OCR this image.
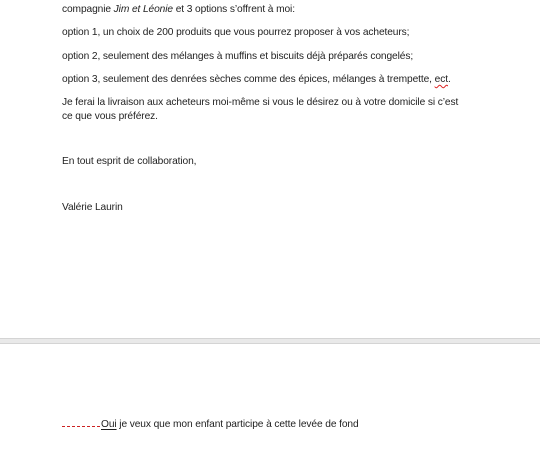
compagnie Jim et Léonie et 3 options s’offrent à moi:
option 1, un choix de 200 produits que vous pourrez proposer à vos acheteurs;
option 2, seulement des mélanges à muffins et biscuits déjà préparés congelés;
option 3, seulement des denrées sèches comme des épices, mélanges à trempette, ect.
Je ferai la livraison aux acheteurs moi-même si vous le désirez ou à votre domicile si c’est
ce que vous préférez.
En tout esprit de collaboration,
Valérie Laurin
Oui je veux que mon enfant participe à cette levée de fond
